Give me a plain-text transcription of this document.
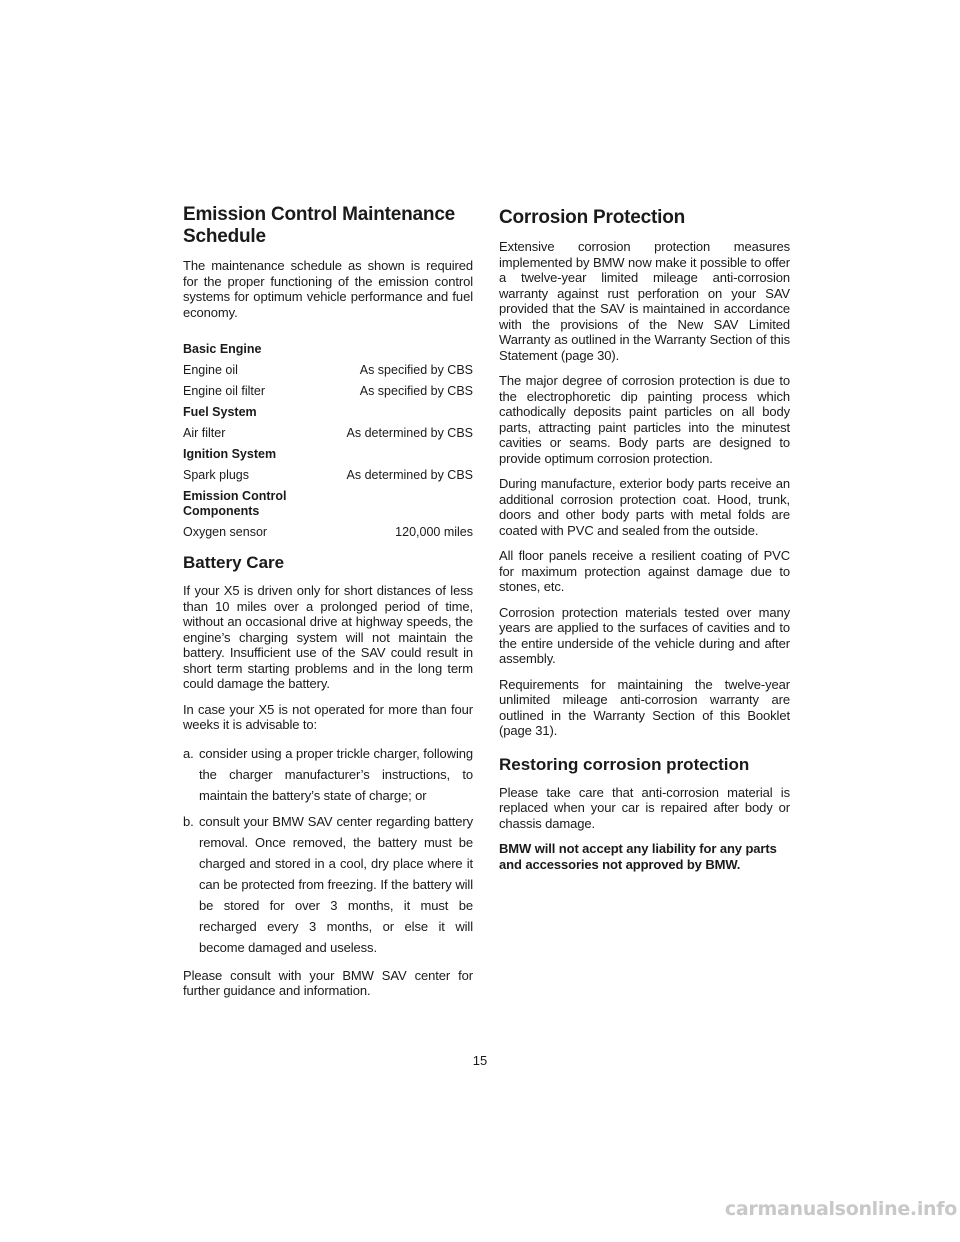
Emission Control Maintenance Schedule

The maintenance schedule as shown is required for the proper functioning of the emission control systems for optimum vehicle performance and fuel economy.

Basic Engine
Engine oil	As specified by CBS
Engine oil filter	As specified by CBS
Fuel System
Air filter	As determined by CBS
Ignition System
Spark plugs	As determined by CBS
Emission Control Components
Oxygen sensor	120,000 miles
Battery Care

If your X5 is driven only for short distances of less than 10 miles over a prolonged period of time, without an occasional drive at highway speeds, the engine’s charging system will not maintain the battery. Insufficient use of the SAV could result in short term starting problems and in the long term could damage the battery.

In case your X5 is not operated for more than four weeks it is advisable to:

a. consider using a proper trickle charger, following the charger manufacturer’s instructions, to maintain the battery’s state of charge; or
b. consult your BMW SAV center regarding battery removal. Once removed, the battery must be charged and stored in a cool, dry place where it can be protected from freezing. If the battery will be stored for over 3 months, it must be recharged every 3 months, or else it will become damaged and useless.

Please consult with your BMW SAV center for further guidance and information.

Corrosion Protection

Extensive corrosion protection measures implemented by BMW now make it possible to offer a twelve-year limited mileage anti-corrosion warranty against rust perforation on your SAV provided that the SAV is maintained in accordance with the provisions of the New SAV Limited Warranty as outlined in the Warranty Section of this Statement (page 30).

The major degree of corrosion protection is due to the electrophoretic dip painting process which cathodically deposits paint particles on all body parts, attracting paint particles into the minutest cavities or seams. Body parts are designed to provide optimum corrosion protection.

During manufacture, exterior body parts receive an additional corrosion protection coat. Hood, trunk, doors and other body parts with metal folds are coated with PVC and sealed from the outside.

All floor panels receive a resilient coating of PVC for maximum protection against damage due to stones, etc.

Corrosion protection materials tested over many years are applied to the surfaces of cavities and to the entire underside of the vehicle during and after assembly.

Requirements for maintaining the twelve-year unlimited mileage anti-corrosion warranty are outlined in the Warranty Section of this Booklet (page 31).

Restoring corrosion protection

Please take care that anti-corrosion material is replaced when your car is repaired after body or chassis damage.

BMW will not accept any liability for any parts and accessories not approved by BMW.

15
carmanualsonline.info
